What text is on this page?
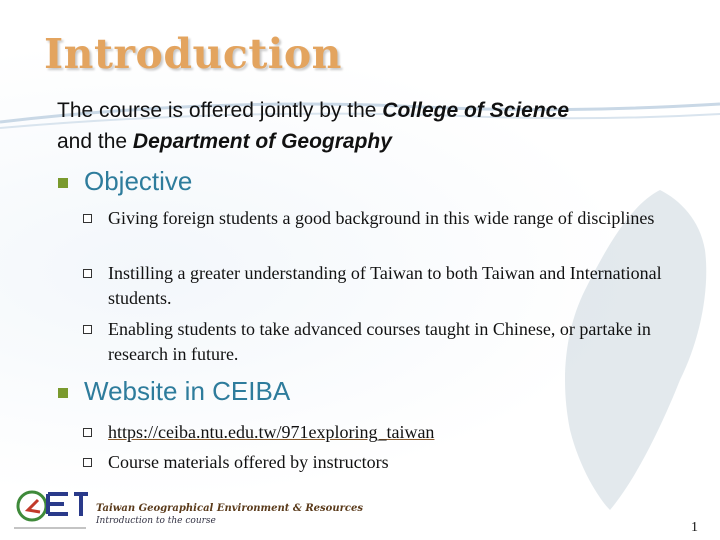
Introduction
The course is offered jointly by the College of Science
and the Department of Geography
Objective
Giving foreign students a good background in this wide range of disciplines
Instilling a greater understanding of Taiwan to both Taiwan and International students.
Enabling students to take advanced courses taught in Chinese, or partake in research in future.
Website in CEIBA
https://ceiba.ntu.edu.tw/971exploring_taiwan
Course materials offered by instructors
Taiwan Geographical Environment & Resources
Introduction to the course	1
